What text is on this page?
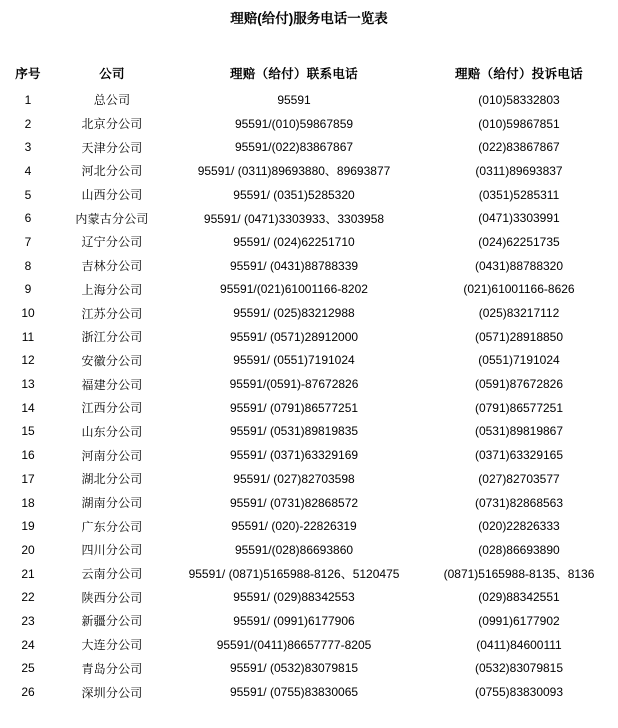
理赔(给付)服务电话一览表
序号	公司	理赔（给付）联系电话	理赔（给付）投诉电话
1	总公司	95591	(010)58332803
2	北京分公司	95591/(010)59867859	(010)59867851
3	天津分公司	95591/(022)83867867	(022)83867867
4	河北分公司	95591/ (0311)89693880、89693877	(0311)89693837
5	山西分公司	95591/ (0351)5285320	(0351)5285311
6	内蒙古分公司	95591/ (0471)3303933、3303958	(0471)3303991
7	辽宁分公司	95591/ (024)62251710	(024)62251735
8	吉林分公司	95591/ (0431)88788339	(0431)88788320
9	上海分公司	95591/(021)61001166-8202	(021)61001166-8626
10	江苏分公司	95591/ (025)83212988	(025)83217112
11	浙江分公司	95591/ (0571)28912000	(0571)28918850
12	安徽分公司	95591/ (0551)7191024	(0551)7191024
13	福建分公司	95591/(0591)-87672826	(0591)87672826
14	江西分公司	95591/ (0791)86577251	(0791)86577251
15	山东分公司	95591/ (0531)89819835	(0531)89819867
16	河南分公司	95591/ (0371)63329169	(0371)63329165
17	湖北分公司	95591/ (027)82703598	(027)82703577
18	湖南分公司	95591/ (0731)82868572	(0731)82868563
19	广东分公司	95591/ (020)-22826319	(020)22826333
20	四川分公司	95591/(028)86693860	(028)86693890
21	云南分公司	95591/ (0871)5165988-8126、5120475	(0871)5165988-8135、8136
22	陕西分公司	95591/ (029)88342553	(029)88342551
23	新疆分公司	95591/ (0991)6177906	(0991)6177902
24	大连分公司	95591/(0411)86657777-8205	(0411)84600111
25	青岛分公司	95591/ (0532)83079815	(0532)83079815
26	深圳分公司	95591/ (0755)83830065	(0755)83830093
